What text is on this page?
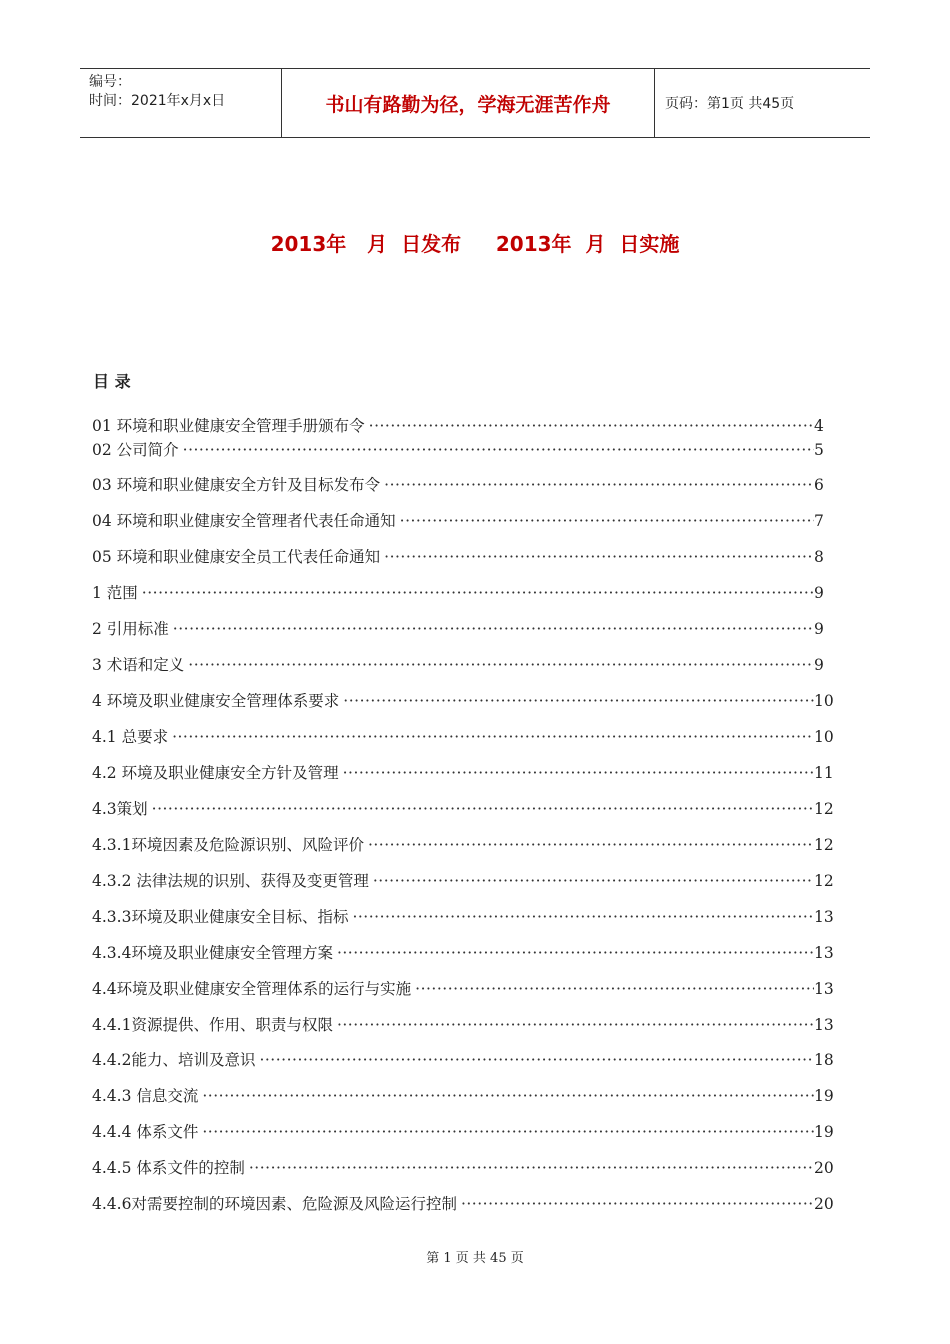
编号：
时间：2021年x月x日	书山有路勤为径，学海无涯苦作舟	页码：第1页 共45页
2013年   月  日发布     2013年  月  日实施
目 录
01 环境和职业健康安全管理手册颁布令 ·····	4
02 公司简介 ·····	5
03 环境和职业健康安全方针及目标发布令 ·····	6
04 环境和职业健康安全管理者代表任命通知 ·····	7
05 环境和职业健康安全员工代表任命通知 ·····	8
1 范围 ·····	9
2 引用标准 ·····	9
3 术语和定义 ·····	9
4 环境及职业健康安全管理体系要求 ·····	10
4.1 总要求 ·····	10
4.2 环境及职业健康安全方针及管理 ·····	11
4.3策划 ·····	12
4.3.1环境因素及危险源识别、风险评价 ·····	12
4.3.2 法律法规的识别、获得及变更管理 ·····	12
4.3.3环境及职业健康安全目标、指标 ·····	13
4.3.4环境及职业健康安全管理方案 ·····	13
4.4环境及职业健康安全管理体系的运行与实施 ·····	13
4.4.1资源提供、作用、职责与权限 ·····	13
4.4.2能力、培训及意识 ·····	18
4.4.3 信息交流 ·····	19
4.4.4 体系文件 ·····	19
4.4.5 体系文件的控制 ·····	20
4.4.6对需要控制的环境因素、危险源及风险运行控制 ·····	20
第 1 页 共 45 页
